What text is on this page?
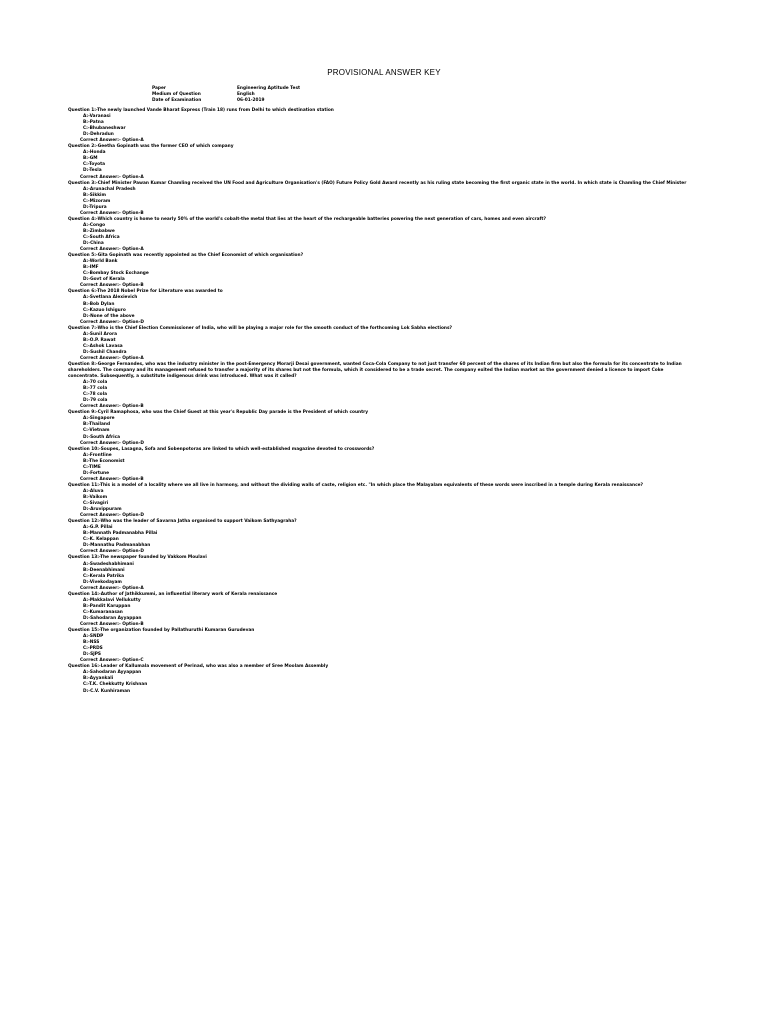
PROVISIONAL ANSWER KEY
Paper	Engineering Aptitude Test
Medium of Question	English
Date of Examination	06-01-2019
Question 1:-The newly launched Vande Bharat Express (Train 18) runs from Delhi to which destination station
A:-Varanasi
B:-Patna
C:-Bhubaneshwar
D:-Dehradun
Correct Answer:- Option-A
Question 2:-Geetha Gopinath was the former CEO of which company
A:-Honda
B:-GM
C:-Toyota
D:-Tesla
Correct Answer:- Option-A
Question 3:-Chief Minister Pawan Kumar Chamling received the UN Food and Agriculture Organisation's (FAO) Future Policy Gold Award recently as his ruling state becoming the first organic state in the world. In which state is Chamling the Chief Minister
A:-Arunachal Pradesh
B:-Sikkim
C:-Mizoram
D:-Tripura
Correct Answer:- Option-B
Question 4:-Which country is home to nearly 50% of the world's cobalt-the metal that lies at the heart of the rechargeable batteries powering the next generation of cars, homes and even aircraft?
A:-Congo
B:-Zimbabwe
C:-South Africa
D:-China
Correct Answer:- Option-A
Question 5:-Gita Gopinath was recently appointed as the Chief Economist of which organisation?
A:-World Bank
B:-IMF
C:-Bombay Stock Exchange
D:-Govt of Kerala
Correct Answer:- Option-B
Question 6:-The 2018 Nobel Prize for Literature was awarded to
A:-Svetlana Alexievich
B:-Bob Dylan
C:-Kazuo Ishiguro
D:-None of the above
Correct Answer:- Option-D
Question 7:-Who is the Chief Election Commissioner of India, who will be playing a major role for the smooth conduct of the forthcoming Lok Sabha elections?
A:-Sunil Arora
B:-O.P. Rawat
C:-Ashok Lavasa
D:-Sushil Chandra
Correct Answer:- Option-A
Question 8:-George Fernandes, who was the industry minister in the post-Emergency Morarji Desai government, wanted Coca-Cola Company to not just transfer 60 percent of the shares of its Indian firm but also the formula for its concentrate to Indian shareholders. The company and its management refused to transfer a majority of its shares but not the formula, which it considered to be a trade secret. The company exited the Indian market as the government denied a licence to import Coke concentrate. Subsequently, a substitute indigenous drink was introduced. What was it called?
A:-70 cola
B:-77 cola
C:-78 cola
D:-79 cola
Correct Answer:- Option-B
Question 9:-Cyril Ramaphosa, who was the Chief Guest at this year's Republic Day parade is the President of which country
A:-Singapore
B:-Thailand
C:-Vietnam
D:-South Africa
Correct Answer:- Option-D
Question 10:-Soupes, Lasagna, Sofa and Sobenpotoras are linked to which well-established magazine devoted to crosswords?
A:-Frontline
B:-The Economist
C:-TIME
D:-Fortune
Correct Answer:- Option-B
Question 11:-This is a model of a locality where we all live in harmony, and without the dividing walls of caste, religion etc. "In which place the Malayalam equivalents of these words were inscribed in a temple during Kerala renaissance?
A:-Aluva
B:-Vaikom
C:-Sivagiri
D:-Aruvippuram
Correct Answer:- Option-D
Question 12:-Who was the leader of Savarna Jatha organised to support Vaikom Sathyagraha?
A:-G.P. Pillai
B:-Mannath Padmanabha Pillai
C:-K. Kelappan
D:-Mannathu Padmanabhan
Correct Answer:- Option-D
Question 13:-The newspaper founded by Vakkom Moulavi
A:-Swadeshabhimani
B:-Deenabhimani
C:-Kerala Patrika
D:-Vivekodayam
Correct Answer:- Option-A
Question 14:-Author of Jathikkummi, an influential literary work of Kerala renaissance
A:-Makkalavi Vellukutty
B:-Pandit Karuppan
C:-Kumaranasan
D:-Sahodaran Ayyappan
Correct Answer:- Option-B
Question 15:-The organization founded by Pallathuruthi Kumaran Gurudevan
A:-SNDP
B:-NSS
C:-PRDS
D:-SJPS
Correct Answer:- Option-C
Question 16:-Leader of Kallumala movement of Perinad, who was also a member of Sree Moolam Assembly
A:-Sahodaran Ayyappan
B:-Ayyankali
C:-T.K. Chekkutty Krishnan
D:-C.V. Kunhiraman
